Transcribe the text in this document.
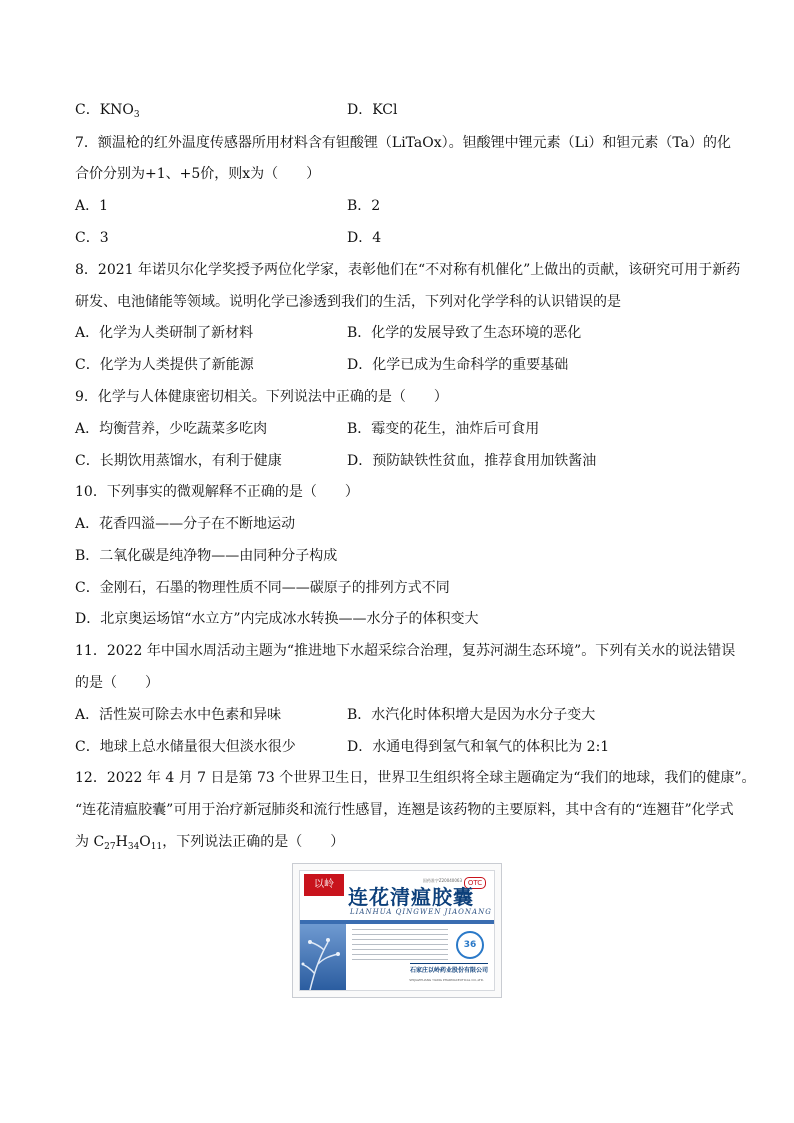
C．$KNO_3$	D．KCl
7．额温枪的红外温度传感器所用材料含有钽酸锂（LiTaOx）。钽酸锂中锂元素（Li）和钽元素（Ta）的化
合价分别为+1、+5价，则x为（　　）
A．1	B．2
C．3	D．4
8．2021 年诺贝尔化学奖授予两位化学家，表彰他们在“不对称有机催化”上做出的贡献，该研究可用于新药
研发、电池储能等领域。说明化学已渗透到我们的生活，下列对化学学科的认识错误的是
A．化学为人类研制了新材料	B．化学的发展导致了生态环境的恶化
C．化学为人类提供了新能源	D．化学已成为生命科学的重要基础
9．化学与人体健康密切相关。下列说法中正确的是（　　）
A．均衡营养，少吃蔬菜多吃肉	B．霉变的花生，油炸后可食用
C．长期饮用蒸馏水，有利于健康	D．预防缺铁性贫血，推荐食用加铁酱油
10．下列事实的微观解释不正确的是（　　）
A．花香四溢——分子在不断地运动
B．二氧化碳是纯净物——由同种分子构成
C．金刚石，石墨的物理性质不同——碳原子的排列方式不同
D．北京奥运场馆“水立方”内完成冰水转换——水分子的体积变大
11．2022 年中国水周活动主题为“推进地下水超采综合治理，复苏河湖生态环境”。下列有关水的说法错误
的是（　　）
A．活性炭可除去水中色素和异味	B．水汽化时体积增大是因为水分子变大
C．地球上总水储量很大但淡水很少	D．水通电得到氢气和氧气的体积比为 2:1
12．2022 年 4 月 7 日是第 73 个世界卫生日，世界卫生组织将全球主题确定为“我们的地球，我们的健康”。
“连花清瘟胶囊”可用于治疗新冠肺炎和流行性感冒，连翘是该药物的主要原料，其中含有的“连翘苷”化学式
为 $C_{27}H_{34}O_{11}$，下列说法正确的是（　　）
以岭	国药准字Z20040063 OTC
连花清瘟胶囊
LIANHUA QINGWEN JIAONANG
36
石家庄以岭药业股份有限公司
SHIJIAZHUANG YILING PHARMACEUTICAL CO.,LTD.
